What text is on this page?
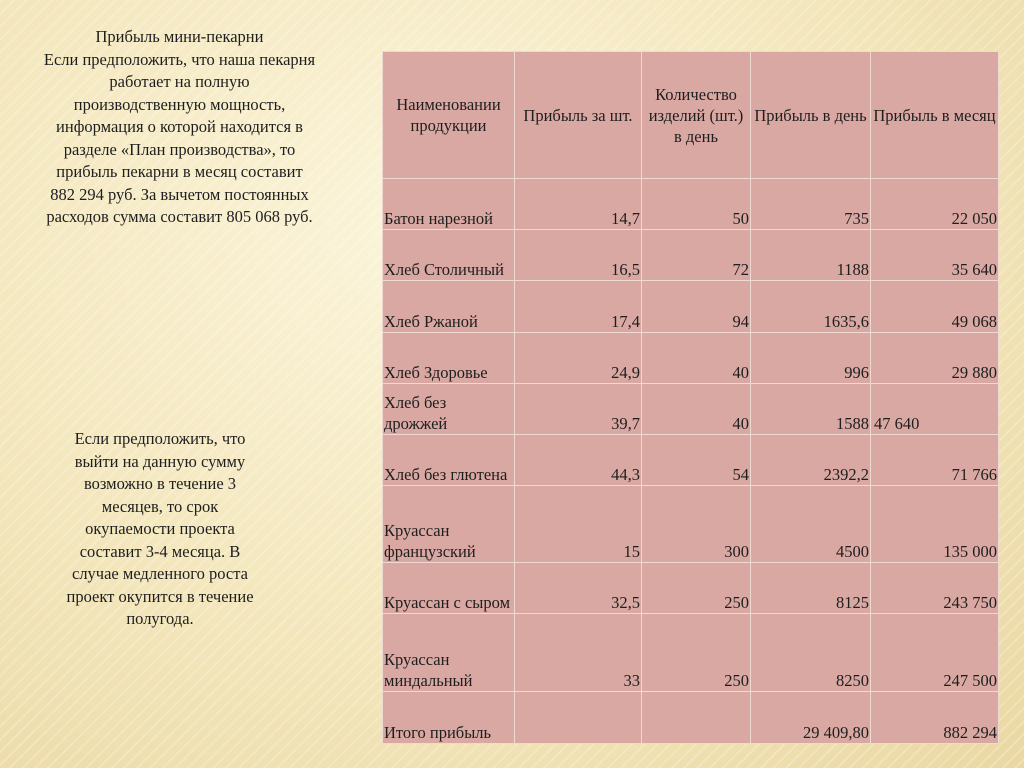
Прибыль мини-пекарни

Если предположить, что наша пекарня работает на полную производственную мощность, информация о которой находится в разделе «План производства», то прибыль пекарни в месяц составит 882 294 руб. За вычетом постоянных расходов сумма составит 805 068 руб.

Если предположить, что выйти на данную сумму возможно в течение 3 месяцев, то срок окупаемости проекта составит 3-4 месяца. В случае медленного роста проект окупится в течение полугода.

Наименовании продукции	Прибыль за шт.	Количество изделий (шт.) в день	Прибыль в день	Прибыль в месяц
Батон нарезной	14,7	50	735	22 050
Хлеб Столичный	16,5	72	1188	35 640
Хлеб Ржаной	17,4	94	1635,6	49 068
Хлеб Здоровье	24,9	40	996	29 880
Хлеб без дрожжей	39,7	40	1588	47 640
Хлеб без глютена	44,3	54	2392,2	71 766
Круассан французский	15	300	4500	135 000
Круассан с сыром	32,5	250	8125	243 750
Круассан миндальный	33	250	8250	247 500
Итого прибыль			29 409,80	882 294
